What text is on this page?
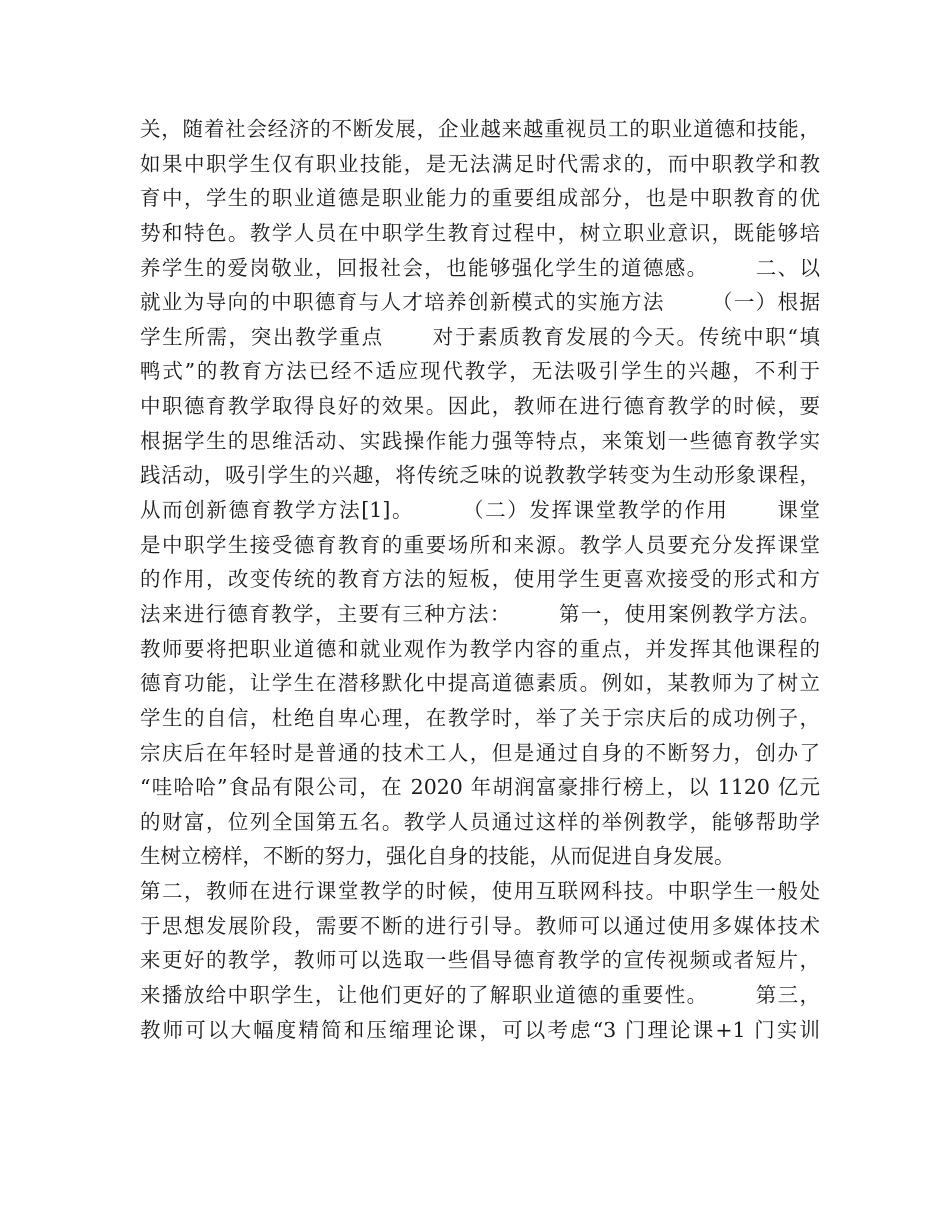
关，随着社会经济的不断发展，企业越来越重视员工的职业道德和技能，
如果中职学生仅有职业技能，是无法满足时代需求的，而中职教学和教
育中，学生的职业道德是职业能力的重要组成部分，也是中职教育的优
势和特色。教学人员在中职学生教育过程中，树立职业意识，既能够培
养学生的爱岗敬业，回报社会，也能够强化学生的道德感。      二、以
就业为导向的中职德育与人才培养创新模式的实施方法      （一）根据
学生所需，突出教学重点      对于素质教育发展的今天。传统中职“填
鸭式”的教育方法已经不适应现代教学，无法吸引学生的兴趣，不利于
中职德育教学取得良好的效果。因此，教师在进行德育教学的时候，要
根据学生的思维活动、实践操作能力强等特点，来策划一些德育教学实
践活动，吸引学生的兴趣，将传统乏味的说教教学转变为生动形象课程，
从而创新德育教学方法[1]。      （二）发挥课堂教学的作用      课堂
是中职学生接受德育教育的重要场所和来源。教学人员要充分发挥课堂
的作用，改变传统的教育方法的短板，使用学生更喜欢接受的形式和方
法来进行德育教学，主要有三种方法：      第一，使用案例教学方法。
教师要将把职业道德和就业观作为教学内容的重点，并发挥其他课程的
德育功能，让学生在潜移默化中提高道德素质。例如，某教师为了树立
学生的自信，杜绝自卑心理，在教学时，举了关于宗庆后的成功例子，
宗庆后在年轻时是普通的技术工人，但是通过自身的不断努力，创办了
“哇哈哈”食品有限公司，在 2020 年胡润富豪排行榜上，以 1120 亿元
的财富，位列全国第五名。教学人员通过这样的举例教学，能够帮助学
生树立榜样，不断的努力，强化自身的技能，从而促进自身发展。
第二，教师在进行课堂教学的时候，使用互联网科技。中职学生一般处
于思想发展阶段，需要不断的进行引导。教师可以通过使用多媒体技术
来更好的教学，教师可以选取一些倡导德育教学的宣传视频或者短片，
来播放给中职学生，让他们更好的了解职业道德的重要性。      第三，
教师可以大幅度精简和压缩理论课，可以考虑“3 门理论课+1 门实训
